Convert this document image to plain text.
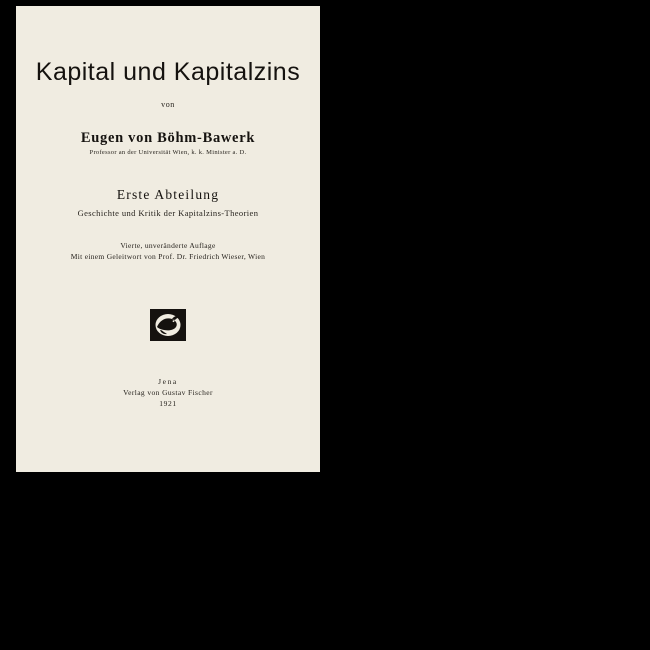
Kapital und Kapitalzins
von
Eugen von Böhm-Bawerk
Professor an der Universität Wien, k. k. Minister a. D.
Erste Abteilung
Geschichte und Kritik der Kapitalzins-Theorien
Vierte, unveränderte Auflage
Mit einem Geleitwort von Prof. Dr. Friedrich Wieser, Wien
Jena
Verlag von Gustav Fischer
1921
